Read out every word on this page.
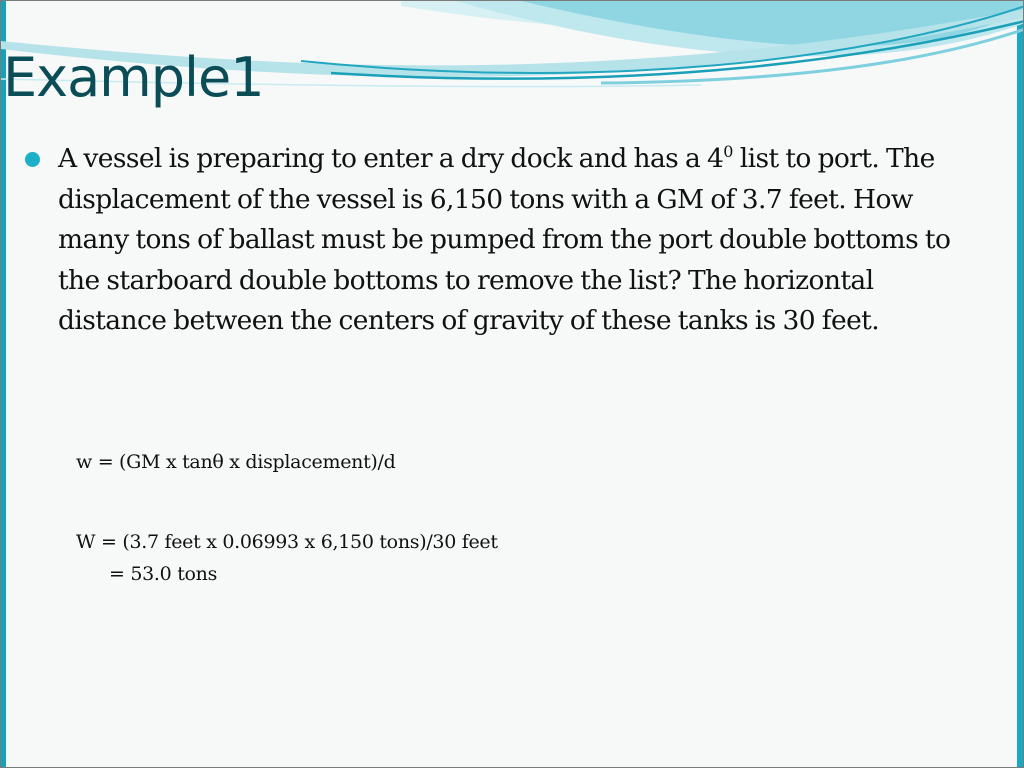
Example1

A vessel is preparing to enter a dry dock and has a $4^0$ list to port. The displacement of the vessel is 6,150 tons with a GM of 3.7 feet. How many tons of ballast must be pumped from the port double bottoms to the starboard double bottoms to remove the list? The horizontal distance between the centers of gravity of these tanks is 30 feet.

w = (GM x tanθ x displacement)/d

W = (3.7 feet x 0.06993 x 6,150 tons)/30 feet

= 53.0 tons
